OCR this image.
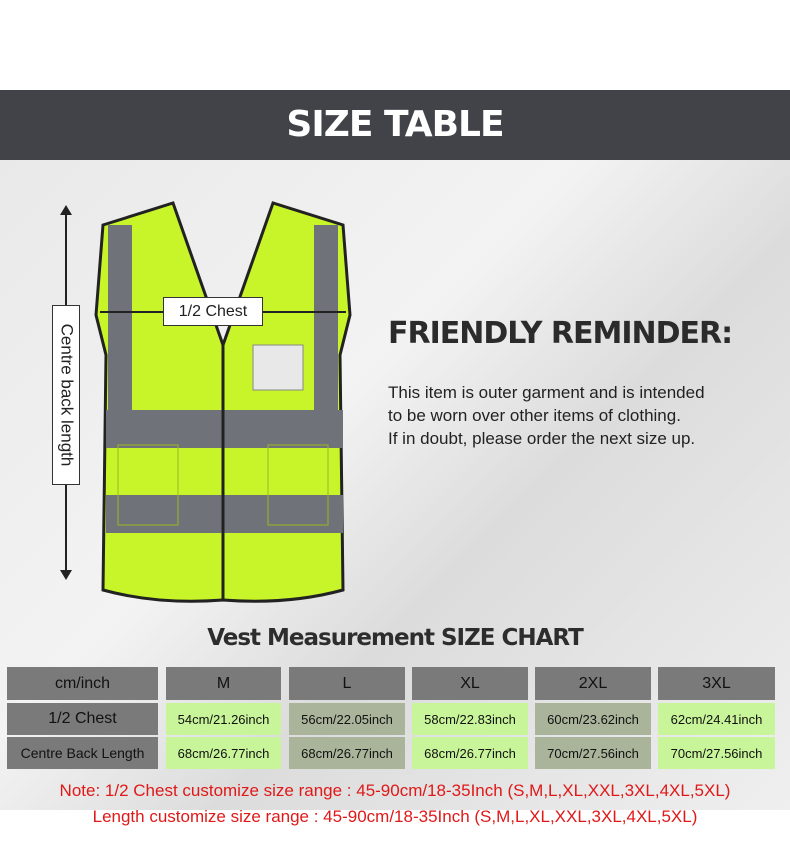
SIZE TABLE
Centre back length
1/2 Chest
FRIENDLY REMINDER:
This item is outer garment and is intended
to be worn over other items of clothing.
If in doubt, please order the next size up.
Vest Measurement SIZE CHART
cm/inch	M	L	XL	2XL	3XL
1/2 Chest	54cm/21.26inch	56cm/22.05inch	58cm/22.83inch	60cm/23.62inch	62cm/24.41inch
Centre Back Length	68cm/26.77inch	68cm/26.77inch	68cm/26.77inch	70cm/27.56inch	70cm/27.56inch
Note: 1/2 Chest customize size range : 45-90cm/18-35Inch (S,M,L,XL,XXL,3XL,4XL,5XL)
Length customize size range : 45-90cm/18-35Inch (S,M,L,XL,XXL,3XL,4XL,5XL)
